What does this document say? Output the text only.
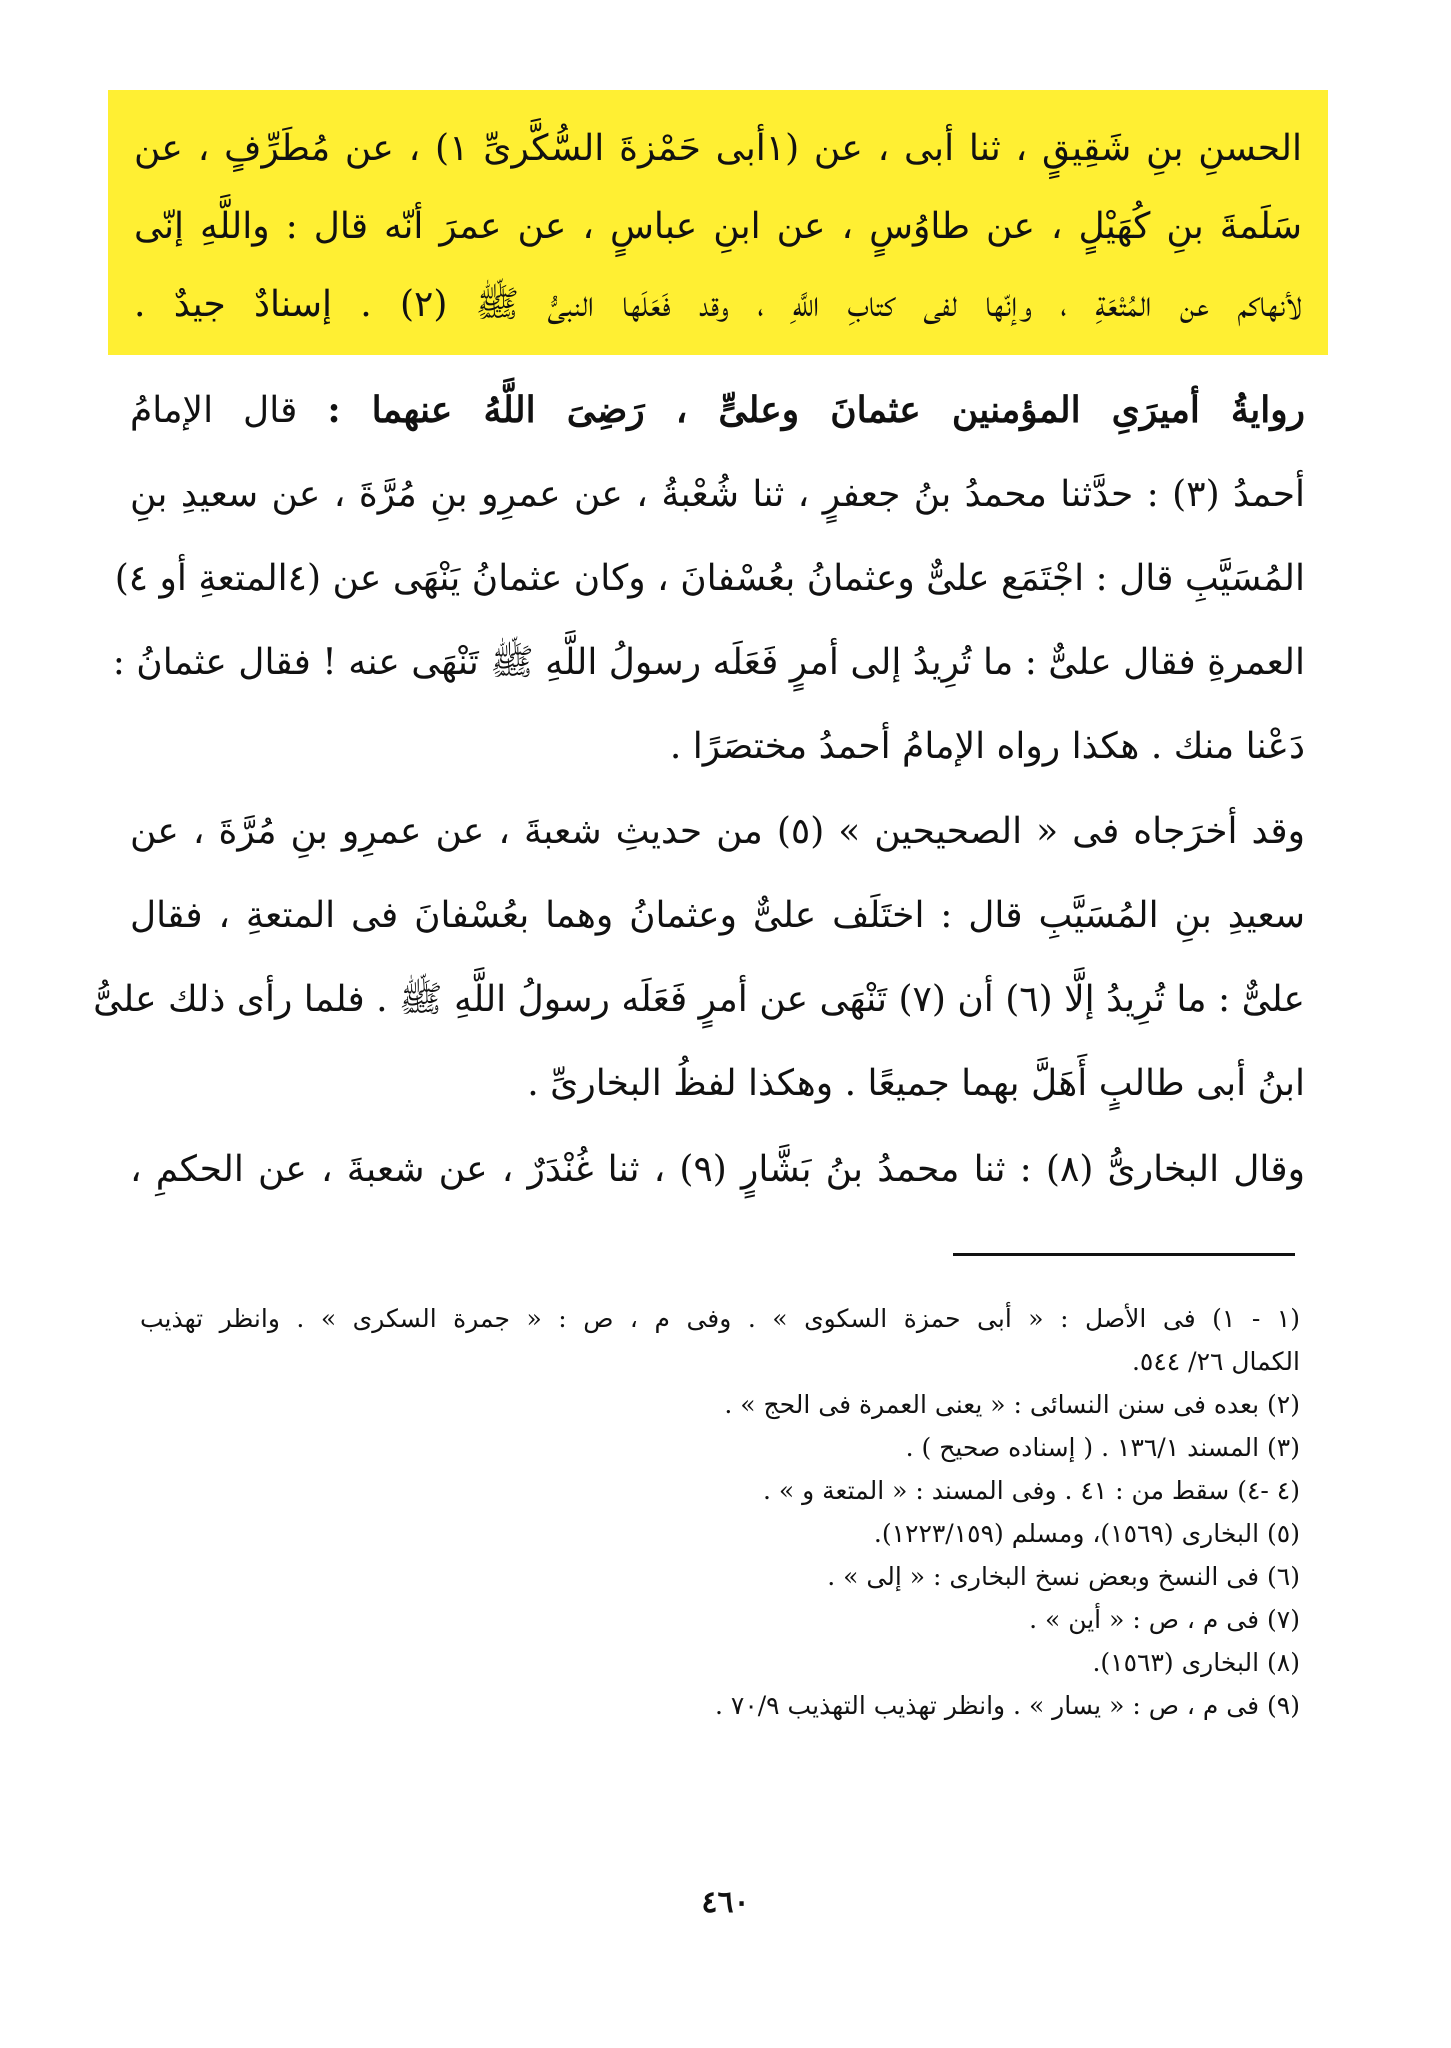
الحسنِ بنِ شَقِيقٍ ، ثنا أبى ، عن (١أبى حَمْزةَ السُّكَّرىِّ ١) ، عن مُطَرِّفٍ ، عن

سَلَمةَ بنِ كُهَيْلٍ ، عن طاوُسٍ ، عن ابنِ عباسٍ ، عن عمرَ أنّه قال : واللَّهِ إنّى

لأنهاكم عن المُتْعَةِ ، وإنّها لفى كتابِ اللَّهِ ، وقد فَعَلَها النبىُّ ﷺ (٢) . إسنادٌ جيدٌ .

روايةُ أميرَىِ المؤمنين عثمانَ وعلىٍّ ، رَضِىَ اللَّهُ عنهما : قال الإمامُ

أحمدُ (٣) : حدَّثنا محمدُ بنُ جعفرٍ ، ثنا شُعْبةُ ، عن عمرِو بنِ مُرَّةَ ، عن سعيدِ بنِ

المُسَيَّبِ قال : اجْتَمَع علىٌّ وعثمانُ بعُسْفانَ ، وكان عثمانُ يَنْهَى عن (٤المتعةِ أو ٤)

العمرةِ فقال علىٌّ : ما تُرِيدُ إلى أمرٍ فَعَلَه رسولُ اللَّهِ ﷺ تَنْهَى عنه ! فقال عثمانُ :

دَعْنا منك . هكذا رواه الإمامُ أحمدُ مختصَرًا .

وقد أخرَجاه فى « الصحيحين » (٥) من حديثِ شعبةَ ، عن عمرِو بنِ مُرَّةَ ، عن

سعيدِ بنِ المُسَيَّبِ قال : اختَلَف علىٌّ وعثمانُ وهما بعُسْفانَ فى المتعةِ ، فقال

علىٌّ : ما تُرِيدُ إلَّا (٦) أن (٧) تَنْهَى عن أمرٍ فَعَلَه رسولُ اللَّهِ ﷺ . فلما رأى ذلك علىُّ

ابنُ أبى طالبٍ أَهَلَّ بهما جميعًا . وهكذا لفظُ البخارىِّ .

وقال البخارىُّ (٨) : ثنا محمدُ بنُ بَشَّارٍ (٩) ، ثنا غُنْدَرٌ ، عن شعبةَ ، عن الحكمِ ،

(١ - ١) فى الأصل : « أبى حمزة السكوى » . وفى م ، ص : « جمرة السكرى » . وانظر تهذيب

الكمال ٢٦/ ٥٤٤.

(٢) بعده فى سنن النسائى : « يعنى العمرة فى الحج » .

(٣) المسند ١٣٦/١ . ( إسناده صحيح ) .

(٤ -٤) سقط من : ٤١ . وفى المسند : « المتعة و » .

(٥) البخارى (١٥٦٩)، ومسلم (١٢٢٣/١٥٩).

(٦) فى النسخ وبعض نسخ البخارى : « إلى » .

(٧) فى م ، ص : « أين » .

(٨) البخارى (١٥٦٣).

(٩) فى م ، ص : « يسار » . وانظر تهذيب التهذيب ٧٠/٩ .

٤٦٠
